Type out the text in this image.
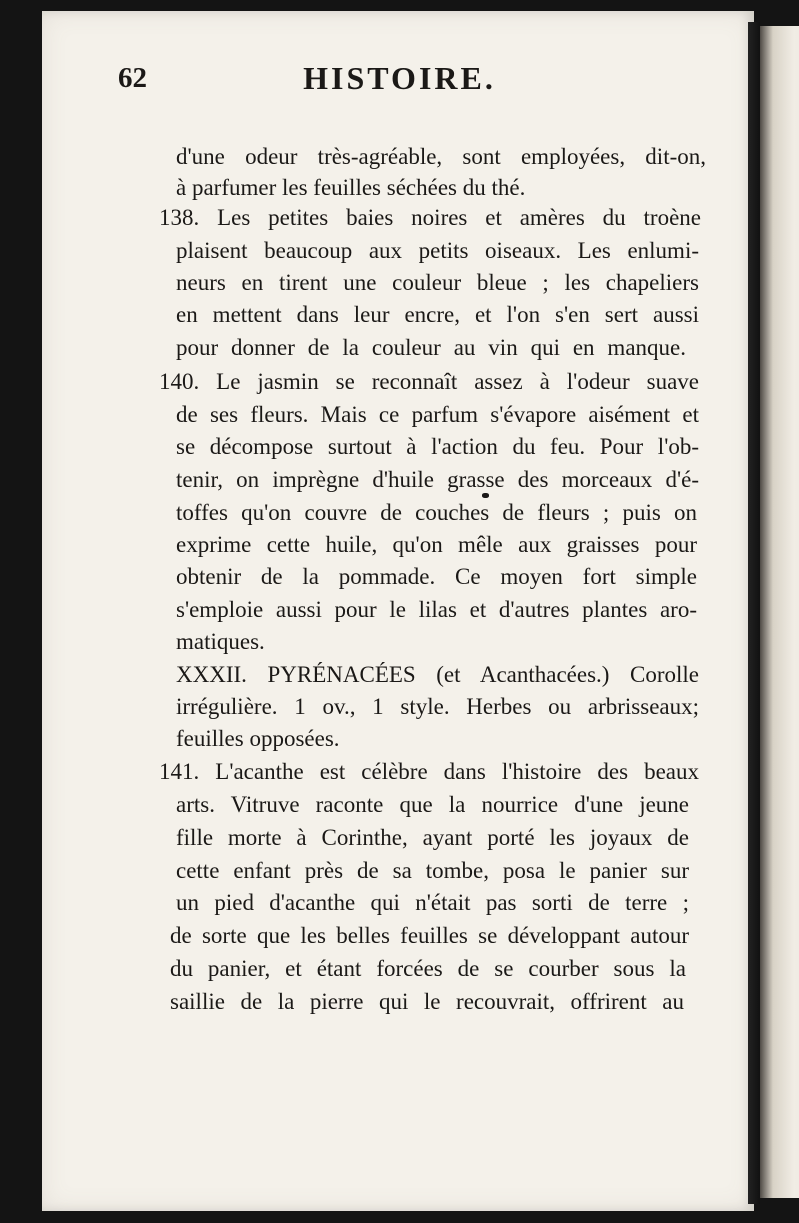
62	HISTOIRE.

d'une odeur très-agréable, sont employées, dit-on,

à parfumer les feuilles séchées du thé.

138. Les petites baies noires et amères du troène

plaisent beaucoup aux petits oiseaux. Les enlumi-

neurs en tirent une couleur bleue ; les chapeliers

en mettent dans leur encre, et l'on s'en sert aussi

pour donner de la couleur au vin qui en manque.

140. Le jasmin se reconnaît assez à l'odeur suave

de ses fleurs. Mais ce parfum s'évapore aisément et

se décompose surtout à l'action du feu. Pour l'ob-

tenir, on imprègne d'huile grasse des morceaux d'é-

toffes qu'on couvre de couches de fleurs ; puis on

exprime cette huile, qu'on mêle aux graisses pour

obtenir de la pommade. Ce moyen fort simple

s'emploie aussi pour le lilas et d'autres plantes aro-

matiques.

XXXII. PYRÉNACÉES (et Acanthacées.) Corolle

irrégulière. 1 ov., 1 style. Herbes ou arbrisseaux;

feuilles opposées.

141. L'acanthe est célèbre dans l'histoire des beaux

arts. Vitruve raconte que la nourrice d'une jeune

fille morte à Corinthe, ayant porté les joyaux de

cette enfant près de sa tombe, posa le panier sur

un pied d'acanthe qui n'était pas sorti de terre ;

de sorte que les belles feuilles se développant autour

du panier, et étant forcées de se courber sous la

saillie de la pierre qui le recouvrait, offrirent au
